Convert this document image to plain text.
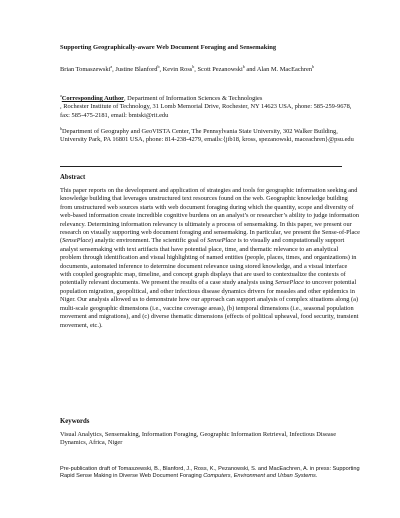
Supporting Geographically-aware Web Document Foraging and Sensemaking
Brian Tomaszewski$^a$, Justine Blanford$^b$, Kevin Ross$^b$, Scott Pezanowski$^b$ and Alan M. MacEachren$^b$
$^a$Corresponding Author, Department of Information Sciences & Technologies
, Rochester Institute of Technology, 31 Lomb Memorial Drive, Rochester, NY 14623 USA, phone: 585-259-9678, fax: 585-475-2181, email: bmtski@rit.edu
$^b$Department of Geography and GeoVISTA Center, The Pennsylvania State University, 302 Walker Building, University Park, PA 16801 USA, phone: 814-238-4279, emails:{jib18, kross, spezanowski, maceachren}@psu.edu
Abstract
This paper reports on the development and application of strategies and tools for geographic information seeking and knowledge building that leverages unstructured text resources found on the web. Geographic knowledge building from unstructured web sources starts with web document foraging during which the quantity, scope and diversity of web-based information create incredible cognitive burdens on an analyst’s or researcher’s ability to judge information relevancy. Determining information relevancy is ultimately a process of sensemaking. In this paper, we present our research on visually supporting web document foraging and sensemaking. In particular, we present the Sense-of-Place (SensePlace) analytic environment. The scientific goal of SensePlace is to visually and computationally support analyst sensemaking with text artifacts that have potential place, time, and thematic relevance to an analytical problem through identification and visual highlighting of named entities (people, places, times, and organizations) in documents, automated inference to determine document relevance using stored knowledge, and a visual interface with coupled geographic map, timeline, and concept graph displays that are used to contextualize the contexts of potentially relevant documents. We present the results of a case study analysis using SensePlace to uncover potential population migration, geopolitical, and other infectious disease dynamics drivers for measles and other epidemics in Niger. Our analysis allowed us to demonstrate how our approach can support analysis of complex situations along (a) multi-scale geographic dimensions (i.e., vaccine coverage areas), (b) temporal dimensions (i.e., seasonal population movement and migrations), and (c) diverse thematic dimensions (effects of political upheaval, food security, transient movement, etc.).
Keywords
Visual Analytics, Sensemaking, Information Foraging, Geographic Information Retrieval, Infectious Disease Dynamics, Africa, Niger
Pre-publication draft of Tomaszewski, B., Blanford, J., Ross, K., Pezanowski, S. and MacEachren, A. in press: Supporting Rapid Sense Making in Diverse Web Document Foraging Computers, Environment and Urban Systems.
